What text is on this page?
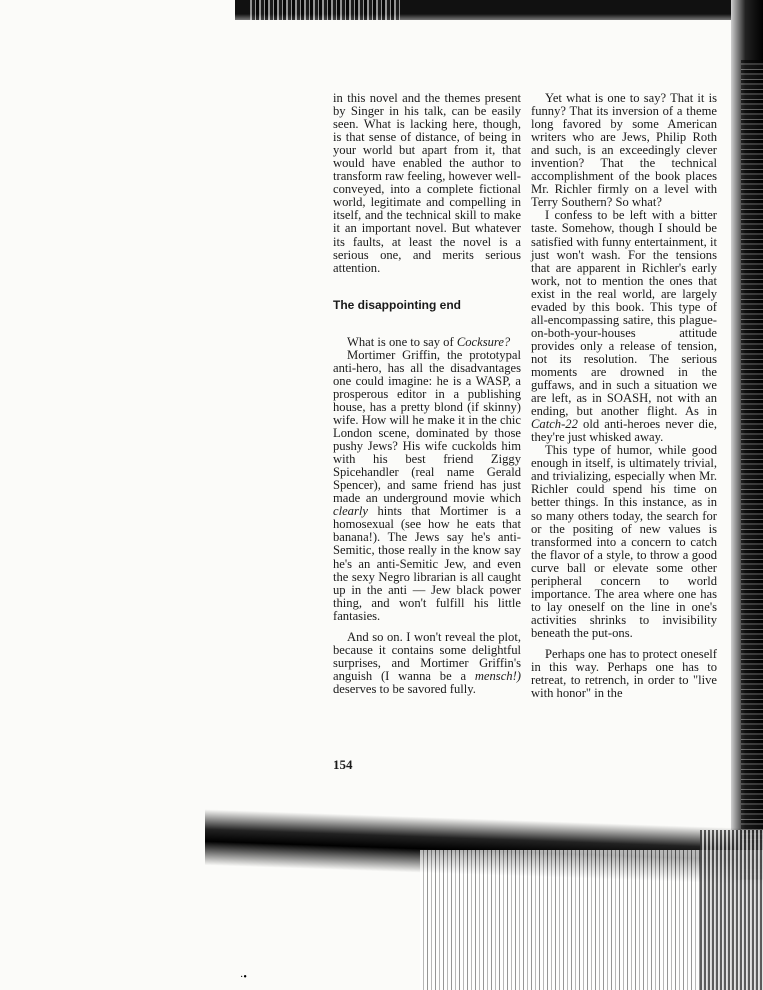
·•

in this novel and the themes present by Singer in his talk, can be easily seen. What is lacking here, though, is that sense of distance, of being in your world but apart from it, that would have enabled the author to transform raw feeling, however well-conveyed, into a complete fictional world, legitimate and compelling in itself, and the technical skill to make it an important novel. But whatever its faults, at least the novel is a serious one, and merits serious attention.

The disappointing end

What is one to say of Cocksure?

Mortimer Griffin, the prototypal anti-hero, has all the disadvantages one could imagine: he is a WASP, a prosperous editor in a publishing house, has a pretty blond (if skinny) wife. How will he make it in the chic London scene, dominated by those pushy Jews? His wife cuckolds him with his best friend Ziggy Spicehandler (real name Gerald Spencer), and same friend has just made an underground movie which clearly hints that Mortimer is a homosexual (see how he eats that banana!). The Jews say he's anti-Semitic, those really in the know say he's an anti-Semitic Jew, and even the sexy Negro librarian is all caught up in the anti — Jew black power thing, and won't fulfill his little fantasies.

And so on. I won't reveal the plot, because it contains some delightful surprises, and Mortimer Griffin's anguish (I wanna be a mensch!) deserves to be savored fully.

Yet what is one to say? That it is funny? That its inversion of a theme long favored by some American writers who are Jews, Philip Roth and such, is an exceedingly clever invention? That the technical accomplishment of the book places Mr. Richler firmly on a level with Terry Southern? So what?

I confess to be left with a bitter taste. Somehow, though I should be satisfied with funny entertainment, it just won't wash. For the tensions that are apparent in Richler's early work, not to mention the ones that exist in the real world, are largely evaded by this book. This type of all-encompassing satire, this plague-on-both-your-houses attitude provides only a release of tension, not its resolution. The serious moments are drowned in the guffaws, and in such a situation we are left, as in SOASH, not with an ending, but another flight. As in Catch-22 old anti-heroes never die, they're just whisked away.

This type of humor, while good enough in itself, is ultimately trivial, and trivializing, especially when Mr. Richler could spend his time on better things. In this instance, as in so many others today, the search for or the positing of new values is transformed into a concern to catch the flavor of a style, to throw a good curve ball or elevate some other peripheral concern to world importance. The area where one has to lay oneself on the line in one's activities shrinks to invisibility beneath the put-ons.

Perhaps one has to protect oneself in this way. Perhaps one has to retreat, to retrench, in order to "live with honor" in the

154
